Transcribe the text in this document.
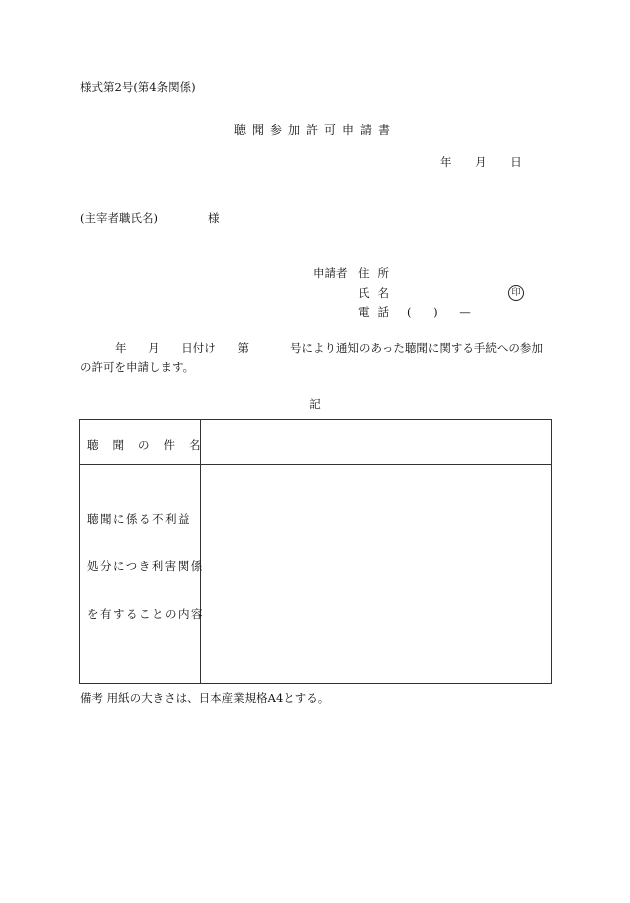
様式第2号(第4条関係)
聴聞参加許可申請書
年 月 日
(主宰者職氏名)	様
申請者 住所
氏名	印
電話 ( ) —
年 月 日付け 第	号により通知のあった聴聞に関する手続への参加
の許可を申請します。
記
聴聞の件名
聴聞に係る不利益
処分につき利害関係
を有することの内容
備考 用紙の大きさは、日本産業規格A4とする。
